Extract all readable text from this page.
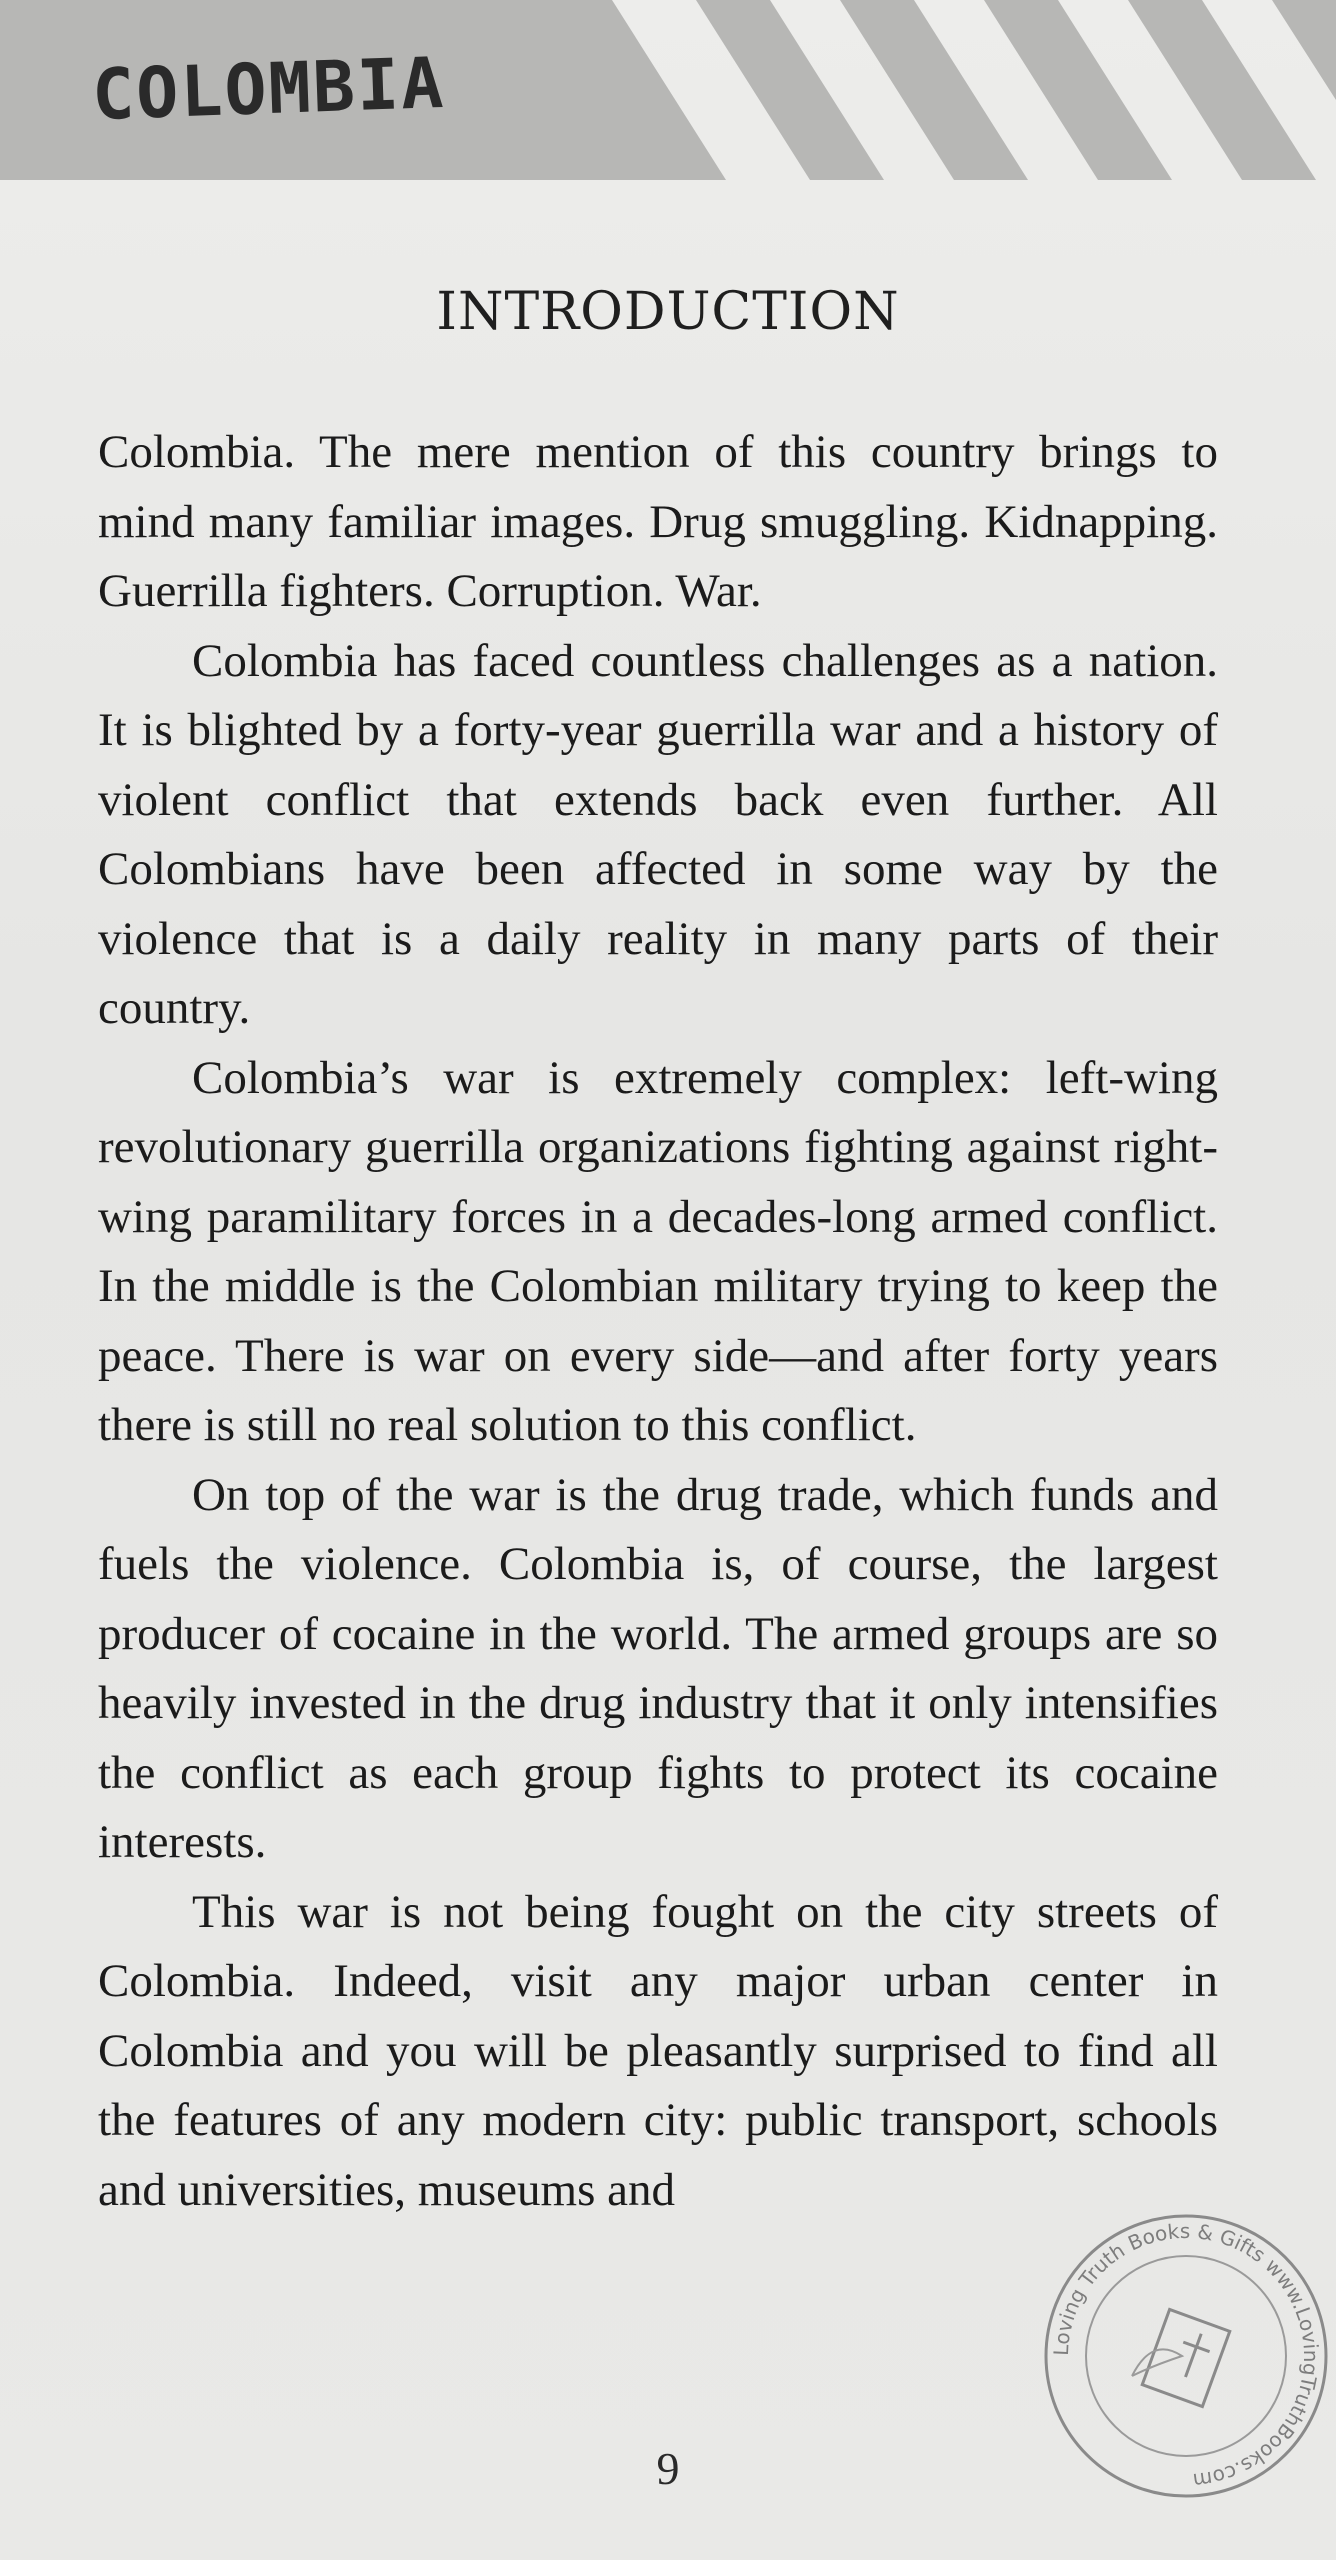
COLOMBIA
INTRODUCTION

Colombia. The mere mention of this country brings to mind many familiar images. Drug smuggling. Kidnapping. Guerrilla fighters. Corruption. War.

Colombia has faced countless challenges as a nation. It is blighted by a forty-year guerrilla war and a history of violent conflict that extends back even further. All Colombians have been affected in some way by the violence that is a daily reality in many parts of their country.

Colombia’s war is extremely complex: left-wing revolutionary guerrilla organizations fighting against right-wing paramilitary forces in a decades-long armed conflict. In the middle is the Colombian military trying to keep the peace. There is war on every side—and after forty years there is still no real solution to this conflict.

On top of the war is the drug trade, which funds and fuels the violence. Colombia is, of course, the largest producer of cocaine in the world. The armed groups are so heavily invested in the drug industry that it only intensifies the conflict as each group fights to protect its cocaine interests.

This war is not being fought on the city streets of Colombia. Indeed, visit any major urban center in Colombia and you will be pleasantly surprised to find all the features of any modern city: public transport, schools and universities, museums and

9
Loving Truth Books & Gifts www.LovingTruthBooks.com
